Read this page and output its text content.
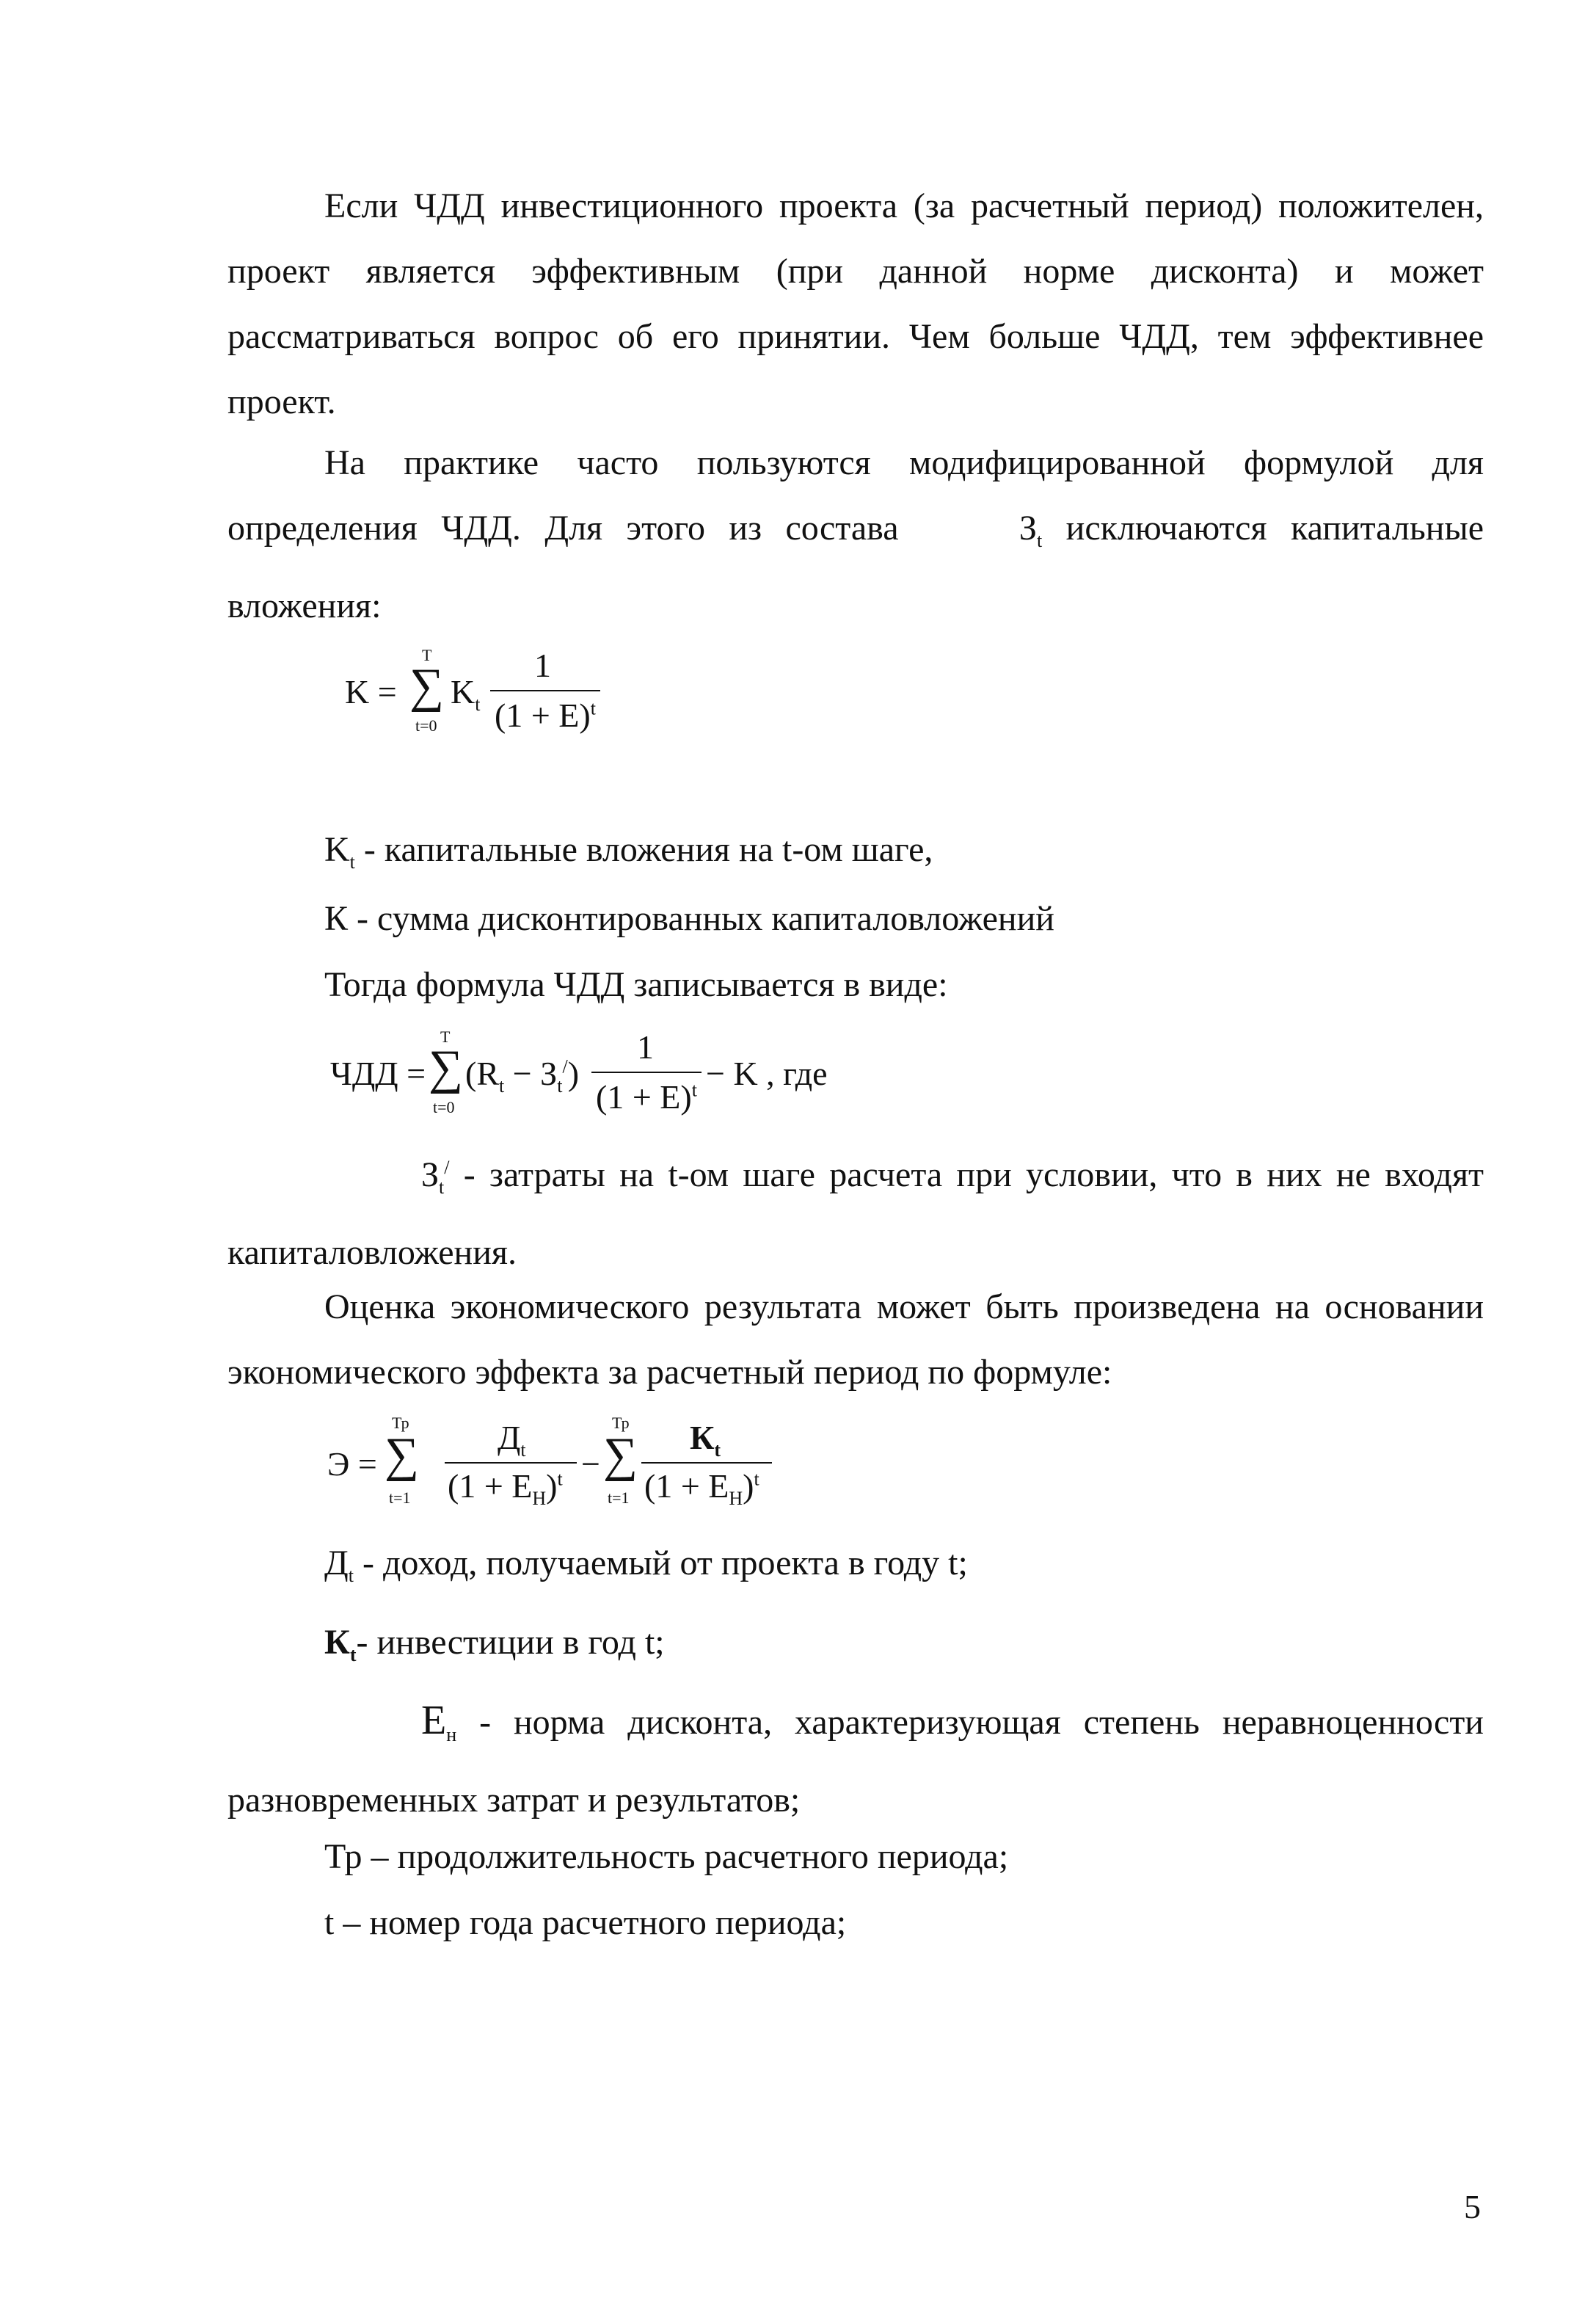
Если ЧДД инвестиционного проекта (за расчетный период) положителен, проект является эффективным (при данной норме дисконта) и может рассматриваться вопрос об его принятии. Чем больше ЧДД, тем эффективнее проект.

На практике часто пользуются модифицированной формулой для определения ЧДД. Для этого из состава	$З_t$ исключаются капитальные вложения:

K =
T
∑
t=0
$K_t$
1
$(1 + E)^t$
$K_t$ - капитальные вложения на t-ом шаге,
К - сумма дисконтированных капиталовложений
Тогда формула ЧДД записывается в виде:
ЧДД =
T
∑
t=0
$(R_t - З_t^/)$
1
$(1 + E)^t - K$ , где

$З_t^/$ - затраты на t-ом шаге расчета при условии, что в них не входят капиталовложения.

Оценка экономического результата может быть произведена на основании экономического эффекта за расчетный период по формуле:

Э =
Тр
∑
t=1
$Д_t$
$(1 + Е_Н)^t$ −
Тр
∑
t=1
$К_t$
$(1 + Е_Н)^t$
$Д_t$ - доход, получаемый от проекта в году t;
$К_t-$ инвестиции в год t;

$Е_н$ - норма дисконта, характеризующая степень неравноценности разновременных затрат и результатов;

Тр – продолжительность расчетного периода;
t – номер года расчетного периода;
5
